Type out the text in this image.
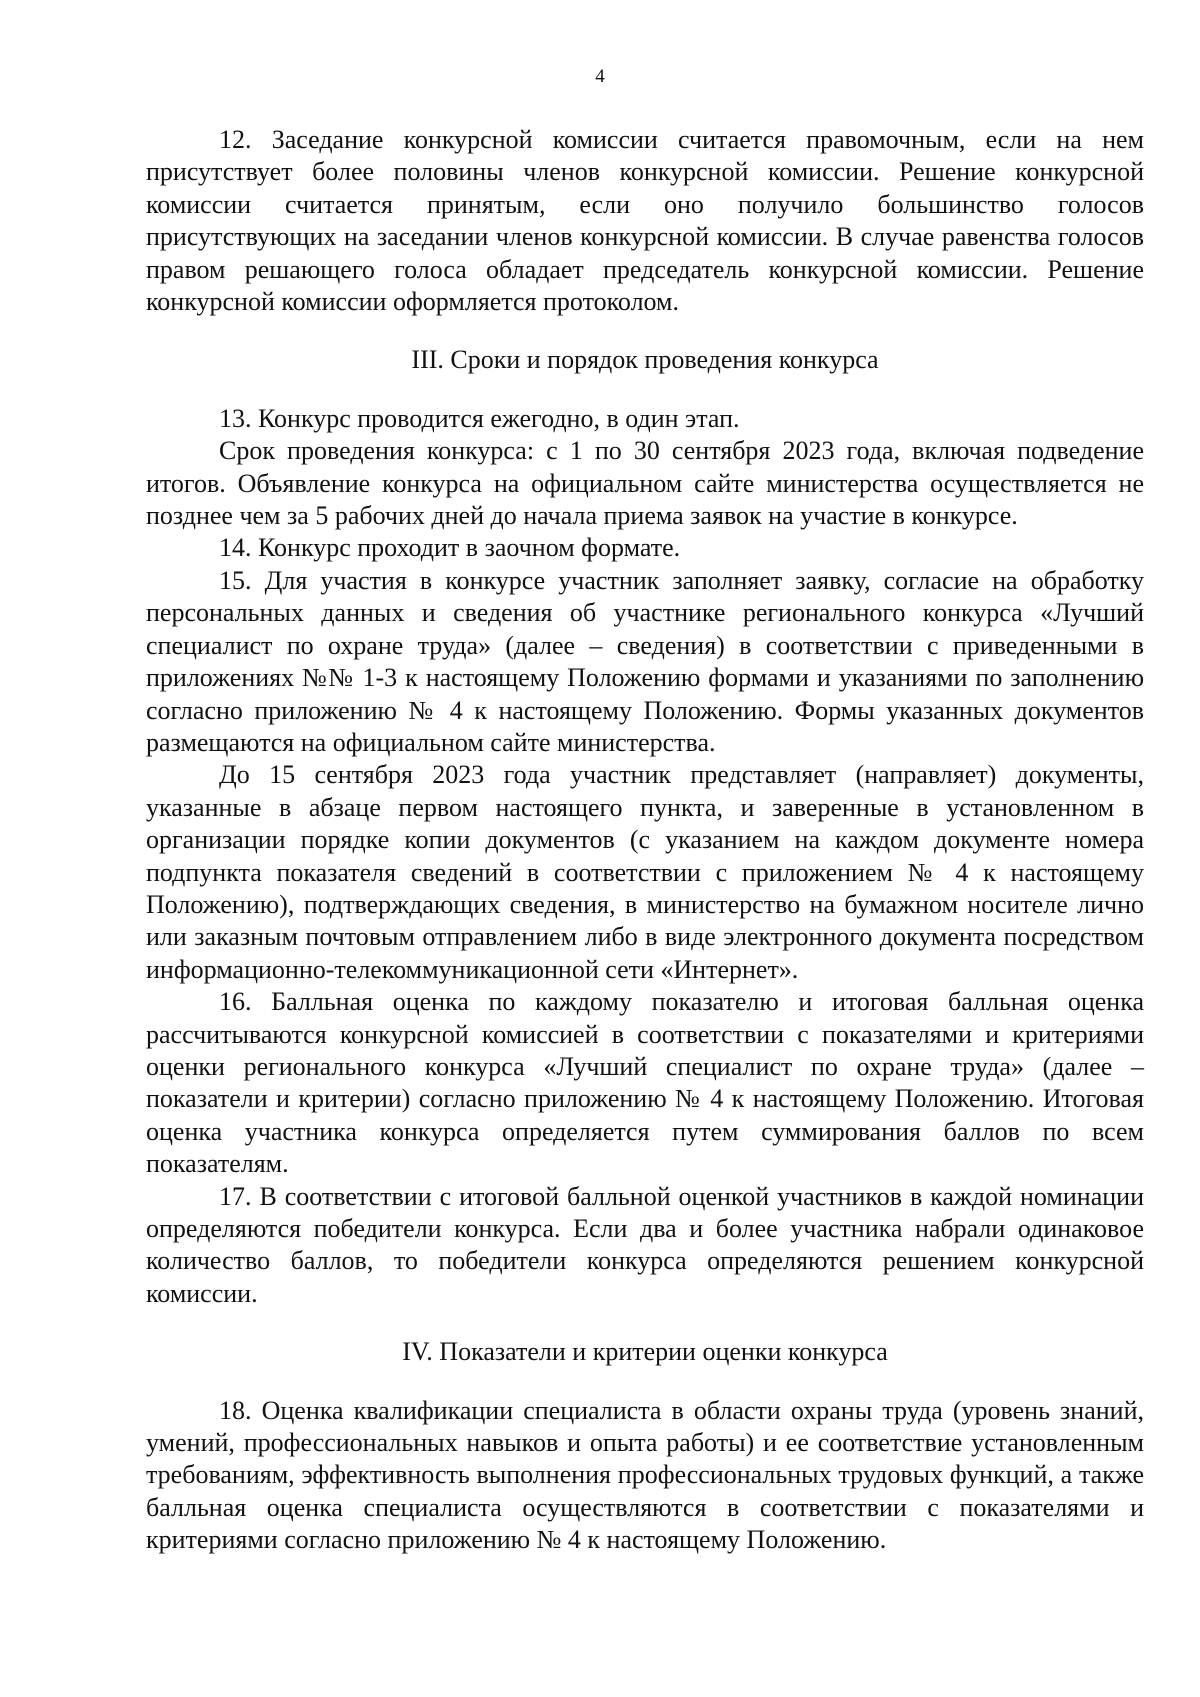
4

12. Заседание конкурсной комиссии считается правомочным, если на нем присутствует более половины членов конкурсной комиссии. Решение конкурсной комиссии считается принятым, если оно получило большинство голосов присутствующих на заседании членов конкурсной комиссии. В случае равенства голосов правом решающего голоса обладает председатель конкурсной комиссии. Решение конкурсной комиссии оформляется протоколом.

III. Сроки и порядок проведения конкурса

13. Конкурс проводится ежегодно, в один этап.

Срок проведения конкурса: с 1 по 30 сентября 2023 года, включая подведение итогов. Объявление конкурса на официальном сайте министерства осуществляется не позднее чем за 5 рабочих дней до начала приема заявок на участие в конкурсе.

14. Конкурс проходит в заочном формате.

15. Для участия в конкурсе участник заполняет заявку, согласие на обработку персональных данных и сведения об участнике регионального конкурса «Лучший специалист по охране труда» (далее – сведения) в соответствии с приведенными в приложениях №№ 1-3 к настоящему Положению формами и указаниями по заполнению согласно приложению № 4 к настоящему Положению. Формы указанных документов размещаются на официальном сайте министерства.

До 15 сентября 2023 года участник представляет (направляет) документы, указанные в абзаце первом настоящего пункта, и заверенные в установленном в организации порядке копии документов (с указанием на каждом документе номера подпункта показателя сведений в соответствии с приложением № 4 к настоящему Положению), подтверждающих сведения, в министерство на бумажном носителе лично или заказным почтовым отправлением либо в виде электронного документа посредством информационно-телекоммуникационной сети «Интернет».

16. Балльная оценка по каждому показателю и итоговая балльная оценка рассчитываются конкурсной комиссией в соответствии с показателями и критериями оценки регионального конкурса «Лучший специалист по охране труда» (далее – показатели и критерии) согласно приложению № 4 к настоящему Положению. Итоговая оценка участника конкурса определяется путем суммирования баллов по всем показателям.

17. В соответствии с итоговой балльной оценкой участников в каждой номинации определяются победители конкурса. Если два и более участника набрали одинаковое количество баллов, то победители конкурса определяются решением конкурсной комиссии.

IV. Показатели и критерии оценки конкурса

18. Оценка квалификации специалиста в области охраны труда (уровень знаний, умений, профессиональных навыков и опыта работы) и ее соответствие установленным требованиям, эффективность выполнения профессиональных трудовых функций, а также балльная оценка специалиста осуществляются в соответствии с показателями и критериями согласно приложению № 4 к настоящему Положению.
